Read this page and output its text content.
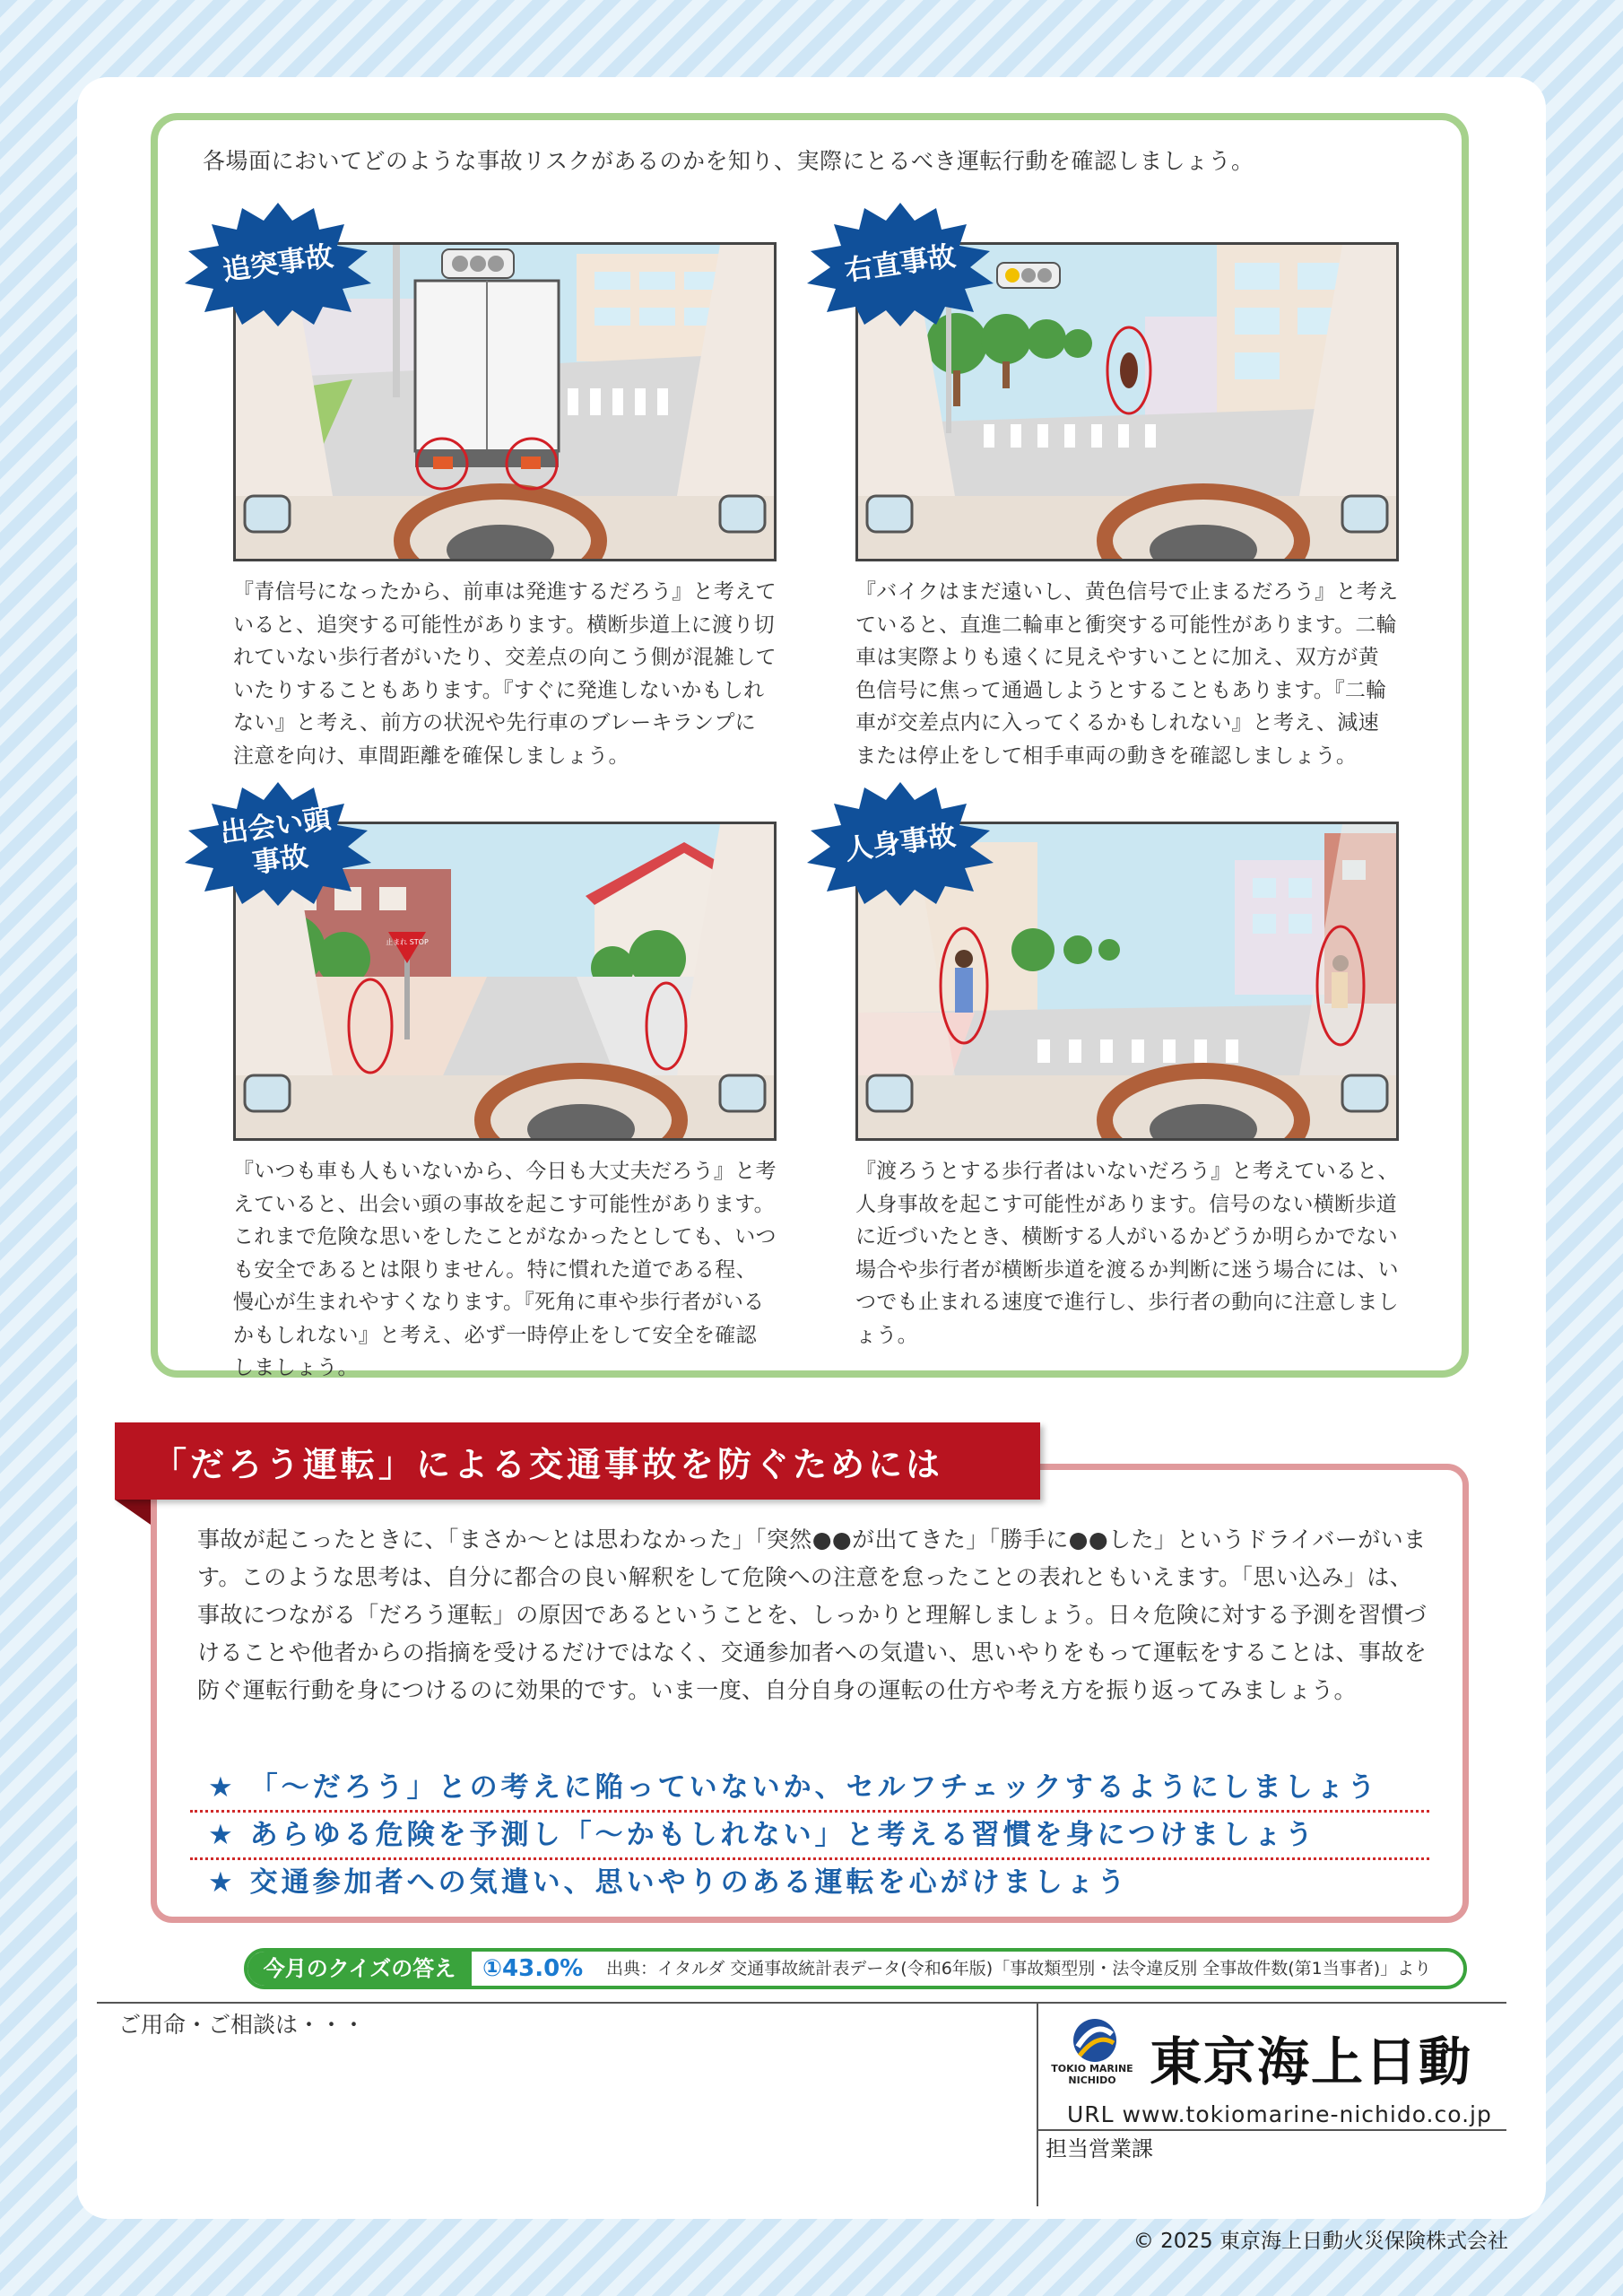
各場面においてどのような事故リスクがあるのかを知り、実際にとるべき運転行動を確認しましょう。
追突事故
『青信号になったから、前車は発進するだろう』と考えていると、追突する可能性があります。横断歩道上に渡り切れていない歩行者がいたり、交差点の向こう側が混雑していたりすることもあります。『すぐに発進しないかもしれない』と考え、前方の状況や先行車のブレーキランプに注意を向け、車間距離を確保しましょう。
右直事故
『バイクはまだ遠いし、黄色信号で止まるだろう』と考えていると、直進二輪車と衝突する可能性があります。二輪車は実際よりも遠くに見えやすいことに加え、双方が黄色信号に焦って通過しようとすることもあります。『二輪車が交差点内に入ってくるかもしれない』と考え、減速または停止をして相手車両の動きを確認しましょう。
止まれ STOP
出会い頭
事故
『いつも車も人もいないから、今日も大丈夫だろう』と考えていると、出会い頭の事故を起こす可能性があります。これまで危険な思いをしたことがなかったとしても、いつも安全であるとは限りません。特に慣れた道である程、慢心が生まれやすくなります。『死角に車や歩行者がいるかもしれない』と考え、必ず一時停止をして安全を確認しましょう。
人身事故
『渡ろうとする歩行者はいないだろう』と考えていると、人身事故を起こす可能性があります。信号のない横断歩道に近づいたとき、横断する人がいるかどうか明らかでない場合や歩行者が横断歩道を渡るか判断に迷う場合には、いつでも止まれる速度で進行し、歩行者の動向に注意しましょう。
「だろう運転」による交通事故を防ぐためには
事故が起こったときに、「まさか〜とは思わなかった」「突然●●が出てきた」「勝手に●●した」というドライバーがいます。このような思考は、自分に都合の良い解釈をして危険への注意を怠ったことの表れともいえます。「思い込み」は、事故につながる「だろう運転」の原因であるということを、しっかりと理解しましょう。日々危険に対する予測を習慣づけることや他者からの指摘を受けるだけではなく、交通参加者への気遣い、思いやりをもって運転をすることは、事故を防ぐ運転行動を身につけるのに効果的です。いま一度、自分自身の運転の仕方や考え方を振り返ってみましょう。
★ 「〜だろう」との考えに陥っていないか、セルフチェックするようにしましょう
★ あらゆる危険を予測し「〜かもしれない」と考える習慣を身につけましょう
★ 交通参加者への気遣い、思いやりのある運転を心がけましょう
今月のクイズの答え	①43.0% 出典：イタルダ 交通事故統計表データ(令和6年版)「事故類型別・法令違反別 全事故件数(第1当事者)」より
ご用命・ご相談は・・・
TOKIO MARINE NICHIDO 東京海上日動
URL www.tokiomarine-nichido.co.jp
担当営業課
© 2025 東京海上日動火災保険株式会社
